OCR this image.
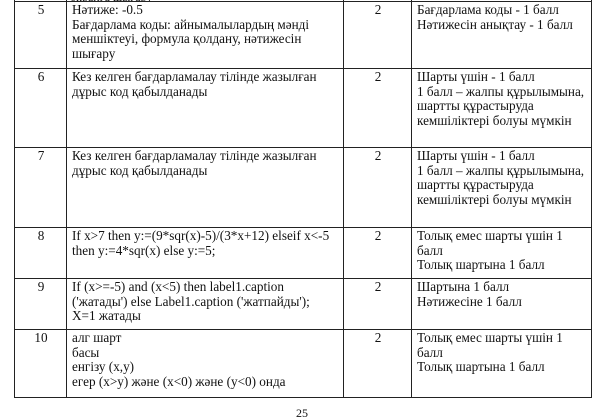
5	Нәтиже: -0.5
Бағдарлама коды: айнымалылардың мәнді меншіктеуі, формула қолдану, нәтижесін шығару	2	Бағдарлама коды - 1 балл
Нәтижесін анықтау - 1 балл

6	Кез келген бағдарламалау тілінде жазылған дұрыс код қабылданады	2	Шарты үшін - 1 балл
1 балл – жалпы құрылымына, шартты құрастыруда кемшіліктері болуы мүмкін

7	Кез келген бағдарламалау тілінде жазылған дұрыс код қабылданады	2	Шарты үшін - 1 балл
1 балл – жалпы құрылымына, шартты құрастыруда кемшіліктері болуы мүмкін

8	If x>7 then y:=(9*sqr(x)-5)/(3*x+12) elseif x<-5 then y:=4*sqr(x) else y:=5;	2	Толық емес шарты үшін 1 балл
Толық шартына 1 балл

9	If (x>=-5) and (x<5) then label1.caption ('жатады') else Label1.caption ('жатпайды');
X=1 жатады	2	Шартына 1 балл
Нәтижесіне 1 балл

10	алг шарт
басы
енгізу (х,у)
егер (х>у) және (х<0) және (у<0) онда	2	Толық емес шарты үшін 1 балл
Толық шартына 1 балл
25
